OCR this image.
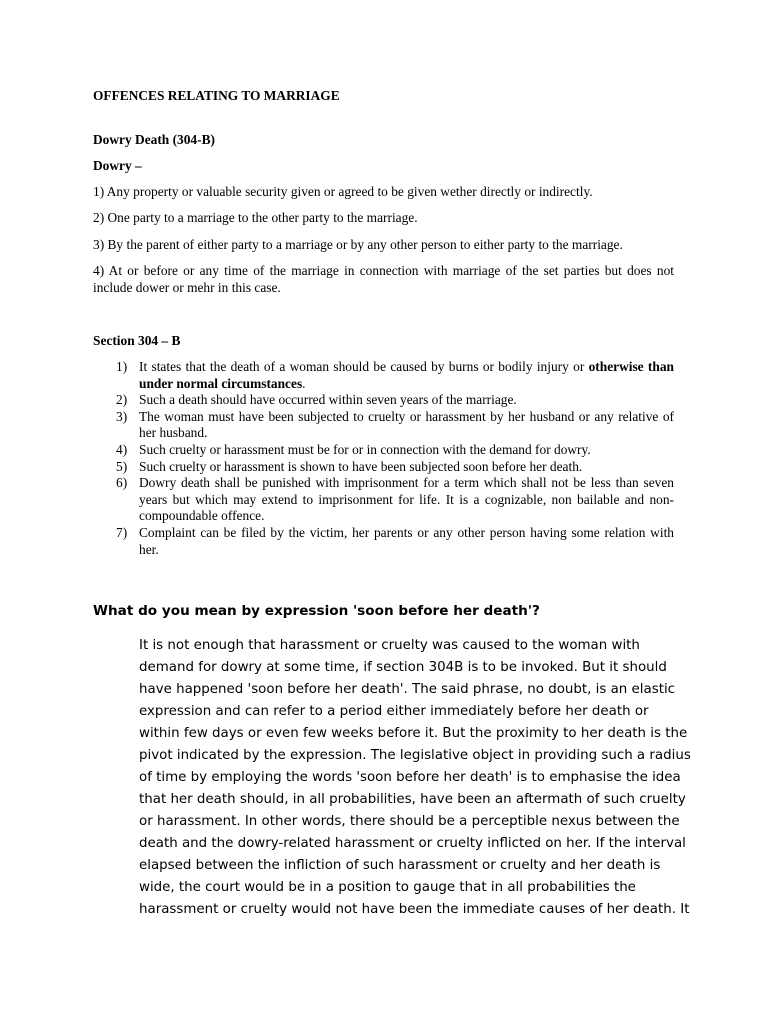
OFFENCES RELATING TO MARRIAGE
Dowry Death (304-B)
Dowry –
1) Any property or valuable security given or agreed to be given wether directly or indirectly.
2) One party to a marriage to the other party to the marriage.
3) By the parent of either party to a marriage or by any other person to either party to the marriage.
4) At or before or any time of the marriage in connection with marriage of the set parties but does not include dower or mehr in this case.
Section 304 – B
1) It states that the death of a woman should be caused by burns or bodily injury or otherwise than under normal circumstances.
2) Such a death should have occurred within seven years of the marriage.
3) The woman must have been subjected to cruelty or harassment by her husband or any relative of her husband.
4) Such cruelty or harassment must be for or in connection with the demand for dowry.
5) Such cruelty or harassment is shown to have been subjected soon before her death.
6) Dowry death shall be punished with imprisonment for a term which shall not be less than seven years but which may extend to imprisonment for life. It is a cognizable, non bailable and non-compoundable offence.
7) Complaint can be filed by the victim, her parents or any other person having some relation with her.
What do you mean by expression 'soon before her death'?
It is not enough that harassment or cruelty was caused to the woman with
demand for dowry at some time, if section 304B is to be invoked. But it should
have happened 'soon before her death'. The said phrase, no doubt, is an elastic
expression and can refer to a period either immediately before her death or
within few days or even few weeks before it. But the proximity to her death is the
pivot indicated by the expression. The legislative object in providing such a radius
of time by employing the words 'soon before her death' is to emphasise the idea
that her death should, in all probabilities, have been an aftermath of such cruelty
or harassment. In other words, there should be a perceptible nexus between the
death and the dowry-related harassment or cruelty inflicted on her. If the interval
elapsed between the infliction of such harassment or cruelty and her death is
wide, the court would be in a position to gauge that in all probabilities the
harassment or cruelty would not have been the immediate causes of her death. It
